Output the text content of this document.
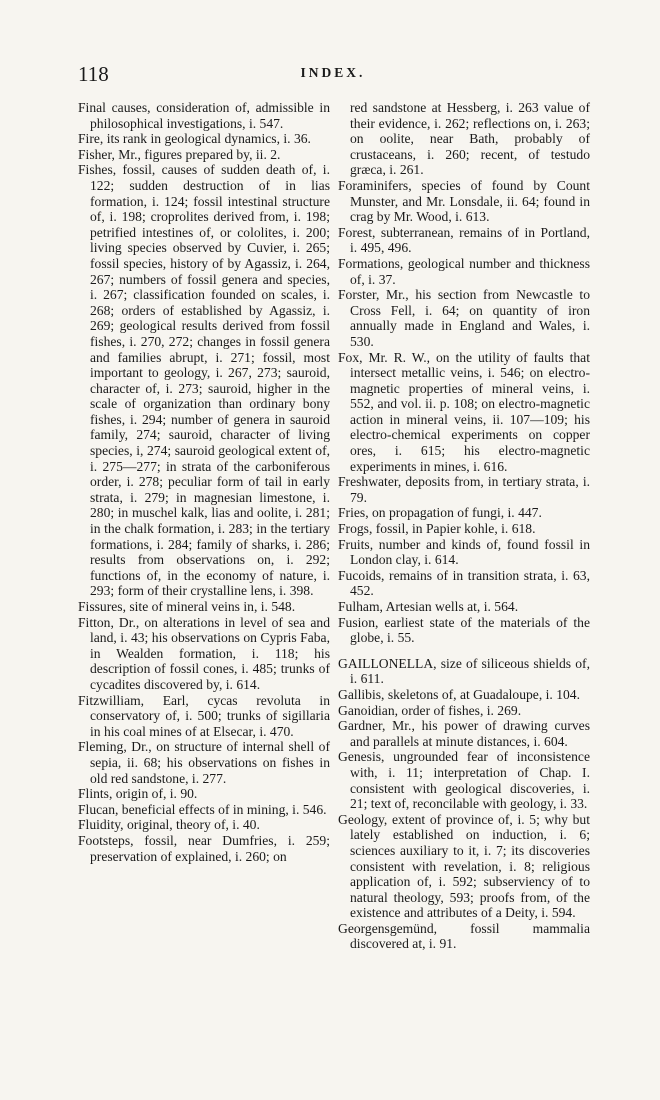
118	INDEX.

Final causes, consideration of, admissible in philosophical investigations, i. 547.

Fire, its rank in geological dynamics, i. 36.

Fisher, Mr., figures prepared by, ii. 2.

Fishes, fossil, causes of sudden death of, i. 122; sudden destruction of in lias formation, i. 124; fossil intestinal structure of, i. 198; croprolites derived from, i. 198; petrified intestines of, or cololites, i. 200; living species observed by Cuvier, i. 265; fossil species, history of by Agassiz, i. 264, 267; numbers of fossil genera and species, i. 267; classification founded on scales, i. 268; orders of established by Agassiz, i. 269; geological results derived from fossil fishes, i. 270, 272; changes in fossil genera and families abrupt, i. 271; fossil, most important to geology, i. 267, 273; sauroid, character of, i. 273; sauroid, higher in the scale of organization than ordinary bony fishes, i. 294; number of genera in sauroid family, 274; sauroid, character of living species, i, 274; sauroid geological extent of, i. 275—277; in strata of the carboniferous order, i. 278; peculiar form of tail in early strata, i. 279; in magnesian limestone, i. 280; in muschel kalk, lias and oolite, i. 281; in the chalk formation, i. 283; in the tertiary formations, i. 284; family of sharks, i. 286; results from observations on, i. 292; functions of, in the economy of nature, i. 293; form of their crystalline lens, i. 398.

Fissures, site of mineral veins in, i. 548.

Fitton, Dr., on alterations in level of sea and land, i. 43; his observations on Cypris Faba, in Wealden formation, i. 118; his description of fossil cones, i. 485; trunks of cycadites discovered by, i. 614.

Fitzwilliam, Earl, cycas revoluta in conservatory of, i. 500; trunks of sigillaria in his coal mines of at Elsecar, i. 470.

Fleming, Dr., on structure of internal shell of sepia, ii. 68; his observations on fishes in old red sandstone, i. 277.

Flints, origin of, i. 90.

Flucan, beneficial effects of in mining, i. 546.

Fluidity, original, theory of, i. 40.

Footsteps, fossil, near Dumfries, i. 259; preservation of explained, i. 260; on

red sandstone at Hessberg, i. 263 value of their evidence, i. 262; reflections on, i. 263; on oolite, near Bath, probably of crustaceans, i. 260; recent, of testudo græca, i. 261.

Foraminifers, species of found by Count Munster, and Mr. Lonsdale, ii. 64; found in crag by Mr. Wood, i. 613.

Forest, subterranean, remains of in Portland, i. 495, 496.

Formations, geological number and thickness of, i. 37.

Forster, Mr., his section from Newcastle to Cross Fell, i. 64; on quantity of iron annually made in England and Wales, i. 530.

Fox, Mr. R. W., on the utility of faults that intersect metallic veins, i. 546; on electro-magnetic properties of mineral veins, i. 552, and vol. ii. p. 108; on electro-magnetic action in mineral veins, ii. 107—109; his electro-chemical experiments on copper ores, i. 615; his electro-magnetic experiments in mines, i. 616.

Freshwater, deposits from, in tertiary strata, i. 79.

Fries, on propagation of fungi, i. 447.

Frogs, fossil, in Papier kohle, i. 618.

Fruits, number and kinds of, found fossil in London clay, i. 614.

Fucoids, remains of in transition strata, i. 63, 452.

Fulham, Artesian wells at, i. 564.

Fusion, earliest state of the materials of the globe, i. 55.

GAILLONELLA, size of siliceous shields of, i. 611.

Gallibis, skeletons of, at Guadaloupe, i. 104.

Ganoidian, order of fishes, i. 269.

Gardner, Mr., his power of drawing curves and parallels at minute distances, i. 604.

Genesis, ungrounded fear of inconsistence with, i. 11; interpretation of Chap. I. consistent with geological discoveries, i. 21; text of, reconcilable with geology, i. 33.

Geology, extent of province of, i. 5; why but lately established on induction, i. 6; sciences auxiliary to it, i. 7; its discoveries consistent with revelation, i. 8; religious application of, i. 592; subserviency of to natural theology, 593; proofs from, of the existence and attributes of a Deity, i. 594.

Georgensgemünd, fossil mammalia discovered at, i. 91.
